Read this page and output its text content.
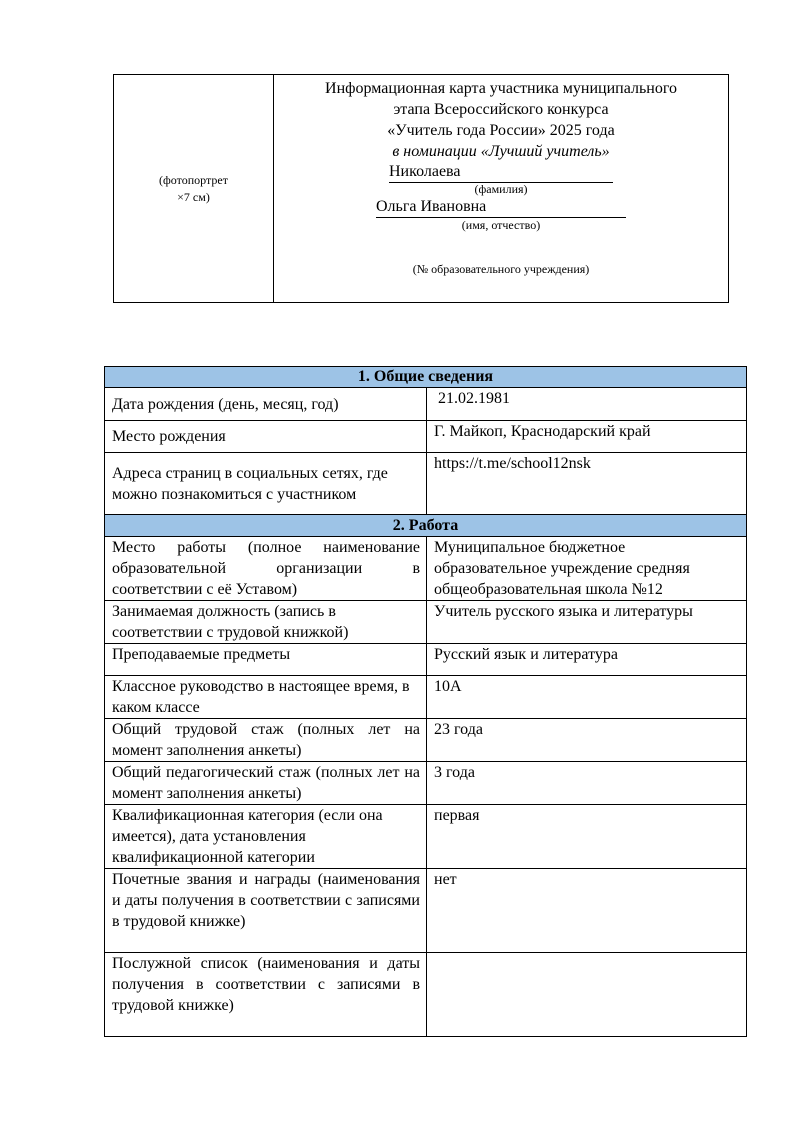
(фотопортрет
×7 см)
Информационная карта участника муниципального
этапа Всероссийского конкурса
«Учитель года России» 2025 года
в номинации «Лучший учитель»
Николаева
(фамилия)
Ольга Ивановна
(имя, отчество)
(№ образовательного учреждения)
1. Общие сведения	
Дата рождения (день, месяц, год)	21.02.1981
Место рождения	Г. Майкоп, Краснодарский край
Адреса страниц в социальных сетях, где можно познакомиться с участником	https://t.me/school12nsk
2. Работа	
Место работы (полное наименование образовательной организации в соответствии с её Уставом)	Муниципальное бюджетное образовательное учреждение средняя общеобразовательная школа №12
Занимаемая должность (запись в соответствии с трудовой книжкой)	Учитель русского языка и литературы
Преподаваемые предметы	Русский язык и литература
Классное руководство в настоящее время, в каком классе	10А
Общий трудовой стаж (полных лет на момент заполнения анкеты)	23 года
Общий педагогический стаж (полных лет на момент заполнения анкеты)	3 года
Квалификационная категория (если она имеется), дата установления квалификационной категории	первая
Почетные звания и награды (наименования и даты получения в соответствии с записями в трудовой книжке)	нет
Послужной список (наименования и даты получения в соответствии с записями в трудовой книжке)	
